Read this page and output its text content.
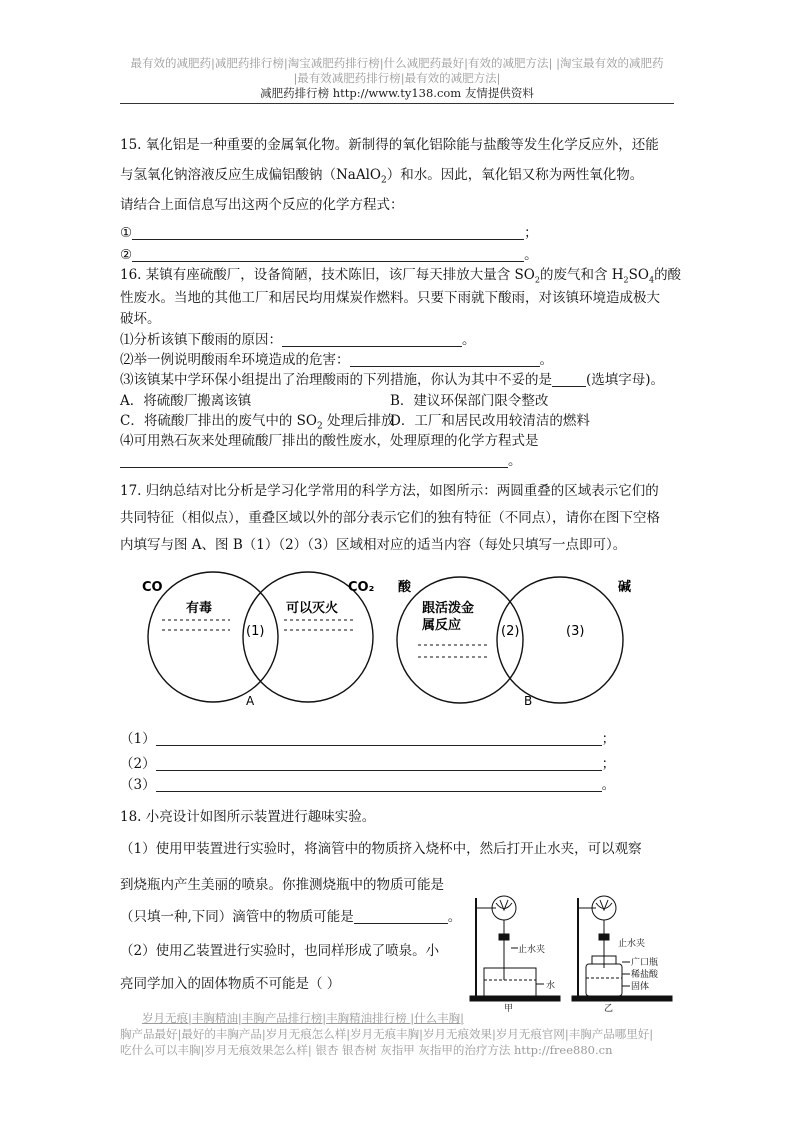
最有效的减肥药|减肥药排行榜|淘宝减肥药排行榜|什么减肥药最好|有效的减肥方法| |淘宝最有效的减肥药
|最有效减肥药排行榜|最有效的减肥方法|
减肥药排行榜 http://www.ty138.com 友情提供资料
15. 氧化铝是一种重要的金属氧化物。新制得的氧化铝除能与盐酸等发生化学反应外，还能
与氢氧化钠溶液反应生成偏铝酸钠（NaAlO$_2$）和水。因此，氧化铝又称为两性氧化物。
请结合上面信息写出这两个反应的化学方程式：
①	；
②	。
16. 某镇有座硫酸厂，设备简陋，技术陈旧，该厂每天排放大量含 $SO_2$的废气和含 $H_2SO_4$的酸
性废水。当地的其他工厂和居民均用煤炭作燃料。只要下雨就下酸雨，对该镇环境造成极大
破坏。
⑴分析该镇下酸雨的原因：	。
⑵举一例说明酸雨牟环境造成的危害：	。
⑶该镇某中学环保小组提出了治理酸雨的下列措施，你认为其中不妥的是	(选填字母)。
A．将硫酸厂搬离该镇	B．建议环保部门限令整改
C．将硫酸厂排出的废气中的 $SO_2$ 处理后排放
D．工厂和居民改用较清洁的燃料
⑷可用熟石灰来处理硫酸厂排出的酸性废水，处理原理的化学方程式是
。
17. 归纳总结对比分析是学习化学常用的科学方法，如图所示：两圆重叠的区域表示它们的
共同特征（相似点），重叠区域以外的部分表示它们的独有特征（不同点），请你在图下空格
内填写与图 A、图 B（1）（2）（3）区域相对应的适当内容（每处只填写一点即可）。
CO	CO₂
有毒	可以灭火
(1)
A
酸	碱
跟活泼金
属反应	(2)	(3)
B
（1）	；
（2）	；
（3）	。
18. 小亮设计如图所示装置进行趣味实验。
（1）使用甲装置进行实验时，将滴管中的物质挤入烧杯中，然后打开止水夹，可以观察
到烧瓶内产生美丽的喷泉。你推测烧瓶中的物质可能是
（只填一种,下同）滴管中的物质可能是	。
（2）使用乙装置进行实验时，也同样形成了喷泉。小
亮同学加入的固体物质不可能是（ ）
止水夹
水
甲
止水夹
广口瓶
稀盐酸
固体
乙
岁月无痕|丰胸精油|丰胸产品排行榜|丰胸精油排行榜 |什么丰胸|
胸产品最好|最好的丰胸产品|岁月无痕怎么样|岁月无痕丰胸|岁月无痕效果|岁月无痕官网|丰胸产品哪里好|
吃什么可以丰胸|岁月无痕效果怎么样| 银杏 银杏树 灰指甲 灰指甲的治疗方法 http://free880.cn
